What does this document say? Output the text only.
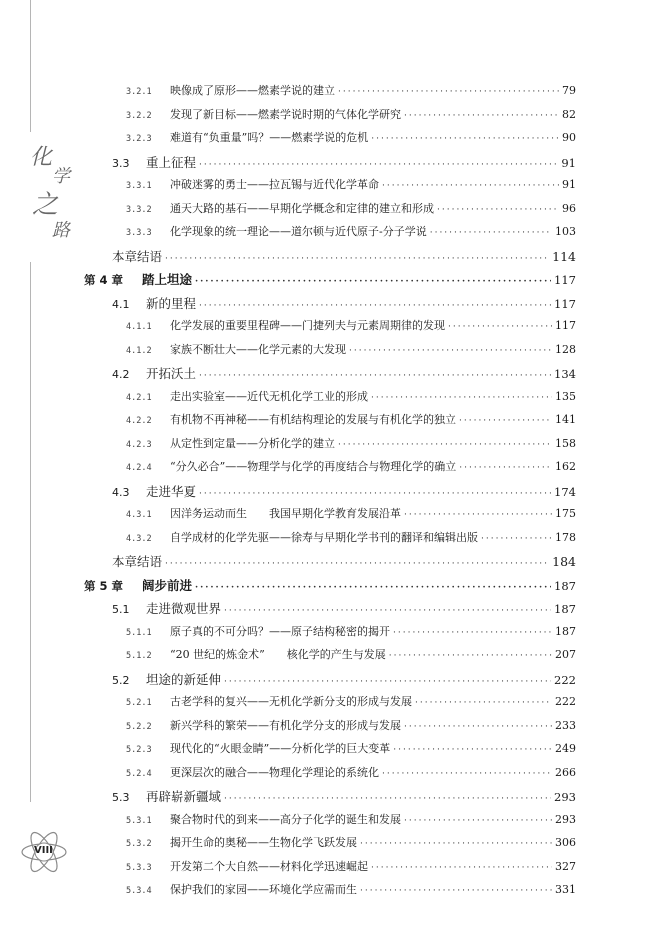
化
学
之
路
VIII
3.2.1	映像成了原形——燃素学说的建立 ·····	79
3.2.2	发现了新目标——燃素学说时期的气体化学研究 ·····	82
3.2.3	难道有“负重量”吗？——燃素学说的危机 ·····	90
3.3	重上征程 ·····	91
3.3.1	冲破迷雾的勇士——拉瓦锡与近代化学革命 ·····	91
3.3.2	通天大路的基石——早期化学概念和定律的建立和形成 ·····	96
3.3.3	化学现象的统一理论——道尔顿与近代原子-分子学说 ·····	103
本章结语 ·····	114
第 4 章	踏上坦途 ·····	117
4.1	新的里程 ·····	117
4.1.1	化学发展的重要里程碑——门捷列夫与元素周期律的发现 ·····	117
4.1.2	家族不断壮大——化学元素的大发现 ·····	128
4.2	开拓沃土 ·····	134
4.2.1	走出实验室——近代无机化学工业的形成 ·····	135
4.2.2	有机物不再神秘——有机结构理论的发展与有机化学的独立 ·····	141
4.2.3	从定性到定量——分析化学的建立 ·····	158
4.2.4	“分久必合”——物理学与化学的再度结合与物理化学的确立 ·····	162
4.3	走进华夏 ·····	174
4.3.1	因洋务运动而生　　我国早期化学教育发展沿革 ·····	175
4.3.2	自学成材的化学先驱——徐寿与早期化学书刊的翻译和编辑出版 ·····	178
本章结语 ·····	184
第 5 章	阔步前进 ·····	187
5.1	走进微观世界 ·····	187
5.1.1	原子真的不可分吗？——原子结构秘密的揭开 ·····	187
5.1.2	“20 世纪的炼金术”　　核化学的产生与发展 ·····	207
5.2	坦途的新延伸 ·····	222
5.2.1	古老学科的复兴——无机化学新分支的形成与发展 ·····	222
5.2.2	新兴学科的繁荣——有机化学分支的形成与发展 ·····	233
5.2.3	现代化的“火眼金睛”——分析化学的巨大变革 ·····	249
5.2.4	更深层次的融合——物理化学理论的系统化 ·····	266
5.3	再辟崭新疆域 ·····	293
5.3.1	聚合物时代的到来——高分子化学的诞生和发展 ·····	293
5.3.2	揭开生命的奥秘——生物化学飞跃发展 ·····	306
5.3.3	开发第二个大自然——材料化学迅速崛起 ·····	327
5.3.4	保护我们的家园——环境化学应需而生 ·····	331
